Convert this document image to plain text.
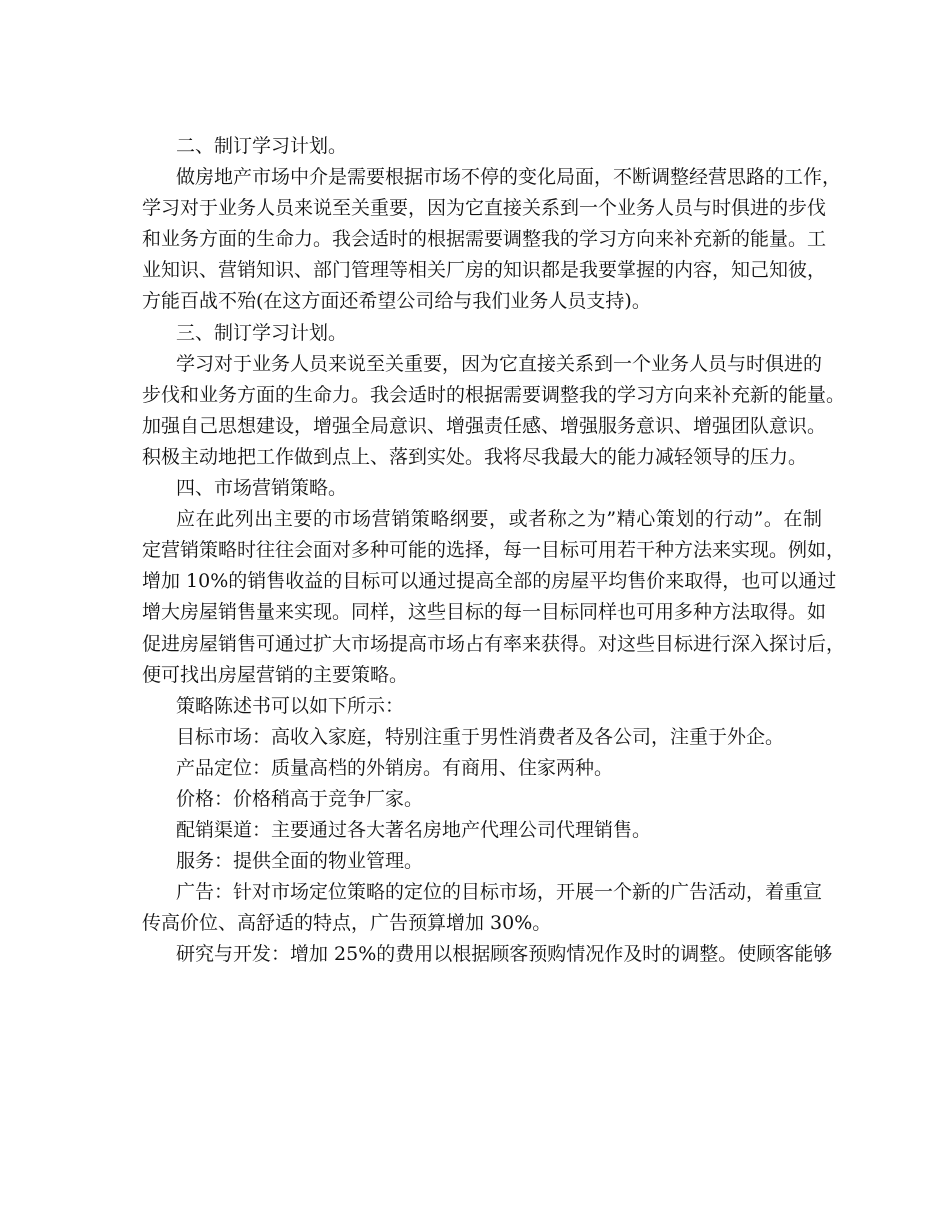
二、制订学习计划。
做房地产市场中介是需要根据市场不停的变化局面，不断调整经营思路的工作，
学习对于业务人员来说至关重要，因为它直接关系到一个业务人员与时俱进的步伐
和业务方面的生命力。我会适时的根据需要调整我的学习方向来补充新的能量。工
业知识、营销知识、部门管理等相关厂房的知识都是我要掌握的内容，知己知彼，
方能百战不殆(在这方面还希望公司给与我们业务人员支持)。
三、制订学习计划。
学习对于业务人员来说至关重要，因为它直接关系到一个业务人员与时俱进的
步伐和业务方面的生命力。我会适时的根据需要调整我的学习方向来补充新的能量。
加强自己思想建设，增强全局意识、增强责任感、增强服务意识、增强团队意识。
积极主动地把工作做到点上、落到实处。我将尽我最大的能力减轻领导的压力。
四、市场营销策略。
应在此列出主要的市场营销策略纲要，或者称之为”精心策划的行动”。在制
定营销策略时往往会面对多种可能的选择，每一目标可用若干种方法来实现。例如，
增加 10%的销售收益的目标可以通过提高全部的房屋平均售价来取得，也可以通过
增大房屋销售量来实现。同样，这些目标的每一目标同样也可用多种方法取得。如
促进房屋销售可通过扩大市场提高市场占有率来获得。对这些目标进行深入探讨后，
便可找出房屋营销的主要策略。
策略陈述书可以如下所示：
目标市场：高收入家庭，特别注重于男性消费者及各公司，注重于外企。
产品定位：质量高档的外销房。有商用、住家两种。
价格：价格稍高于竞争厂家。
配销渠道：主要通过各大著名房地产代理公司代理销售。
服务：提供全面的物业管理。
广告：针对市场定位策略的定位的目标市场，开展一个新的广告活动，着重宣
传高价位、高舒适的特点，广告预算增加 30%。
研究与开发：增加 25%的费用以根据顾客预购情况作及时的调整。使顾客能够
